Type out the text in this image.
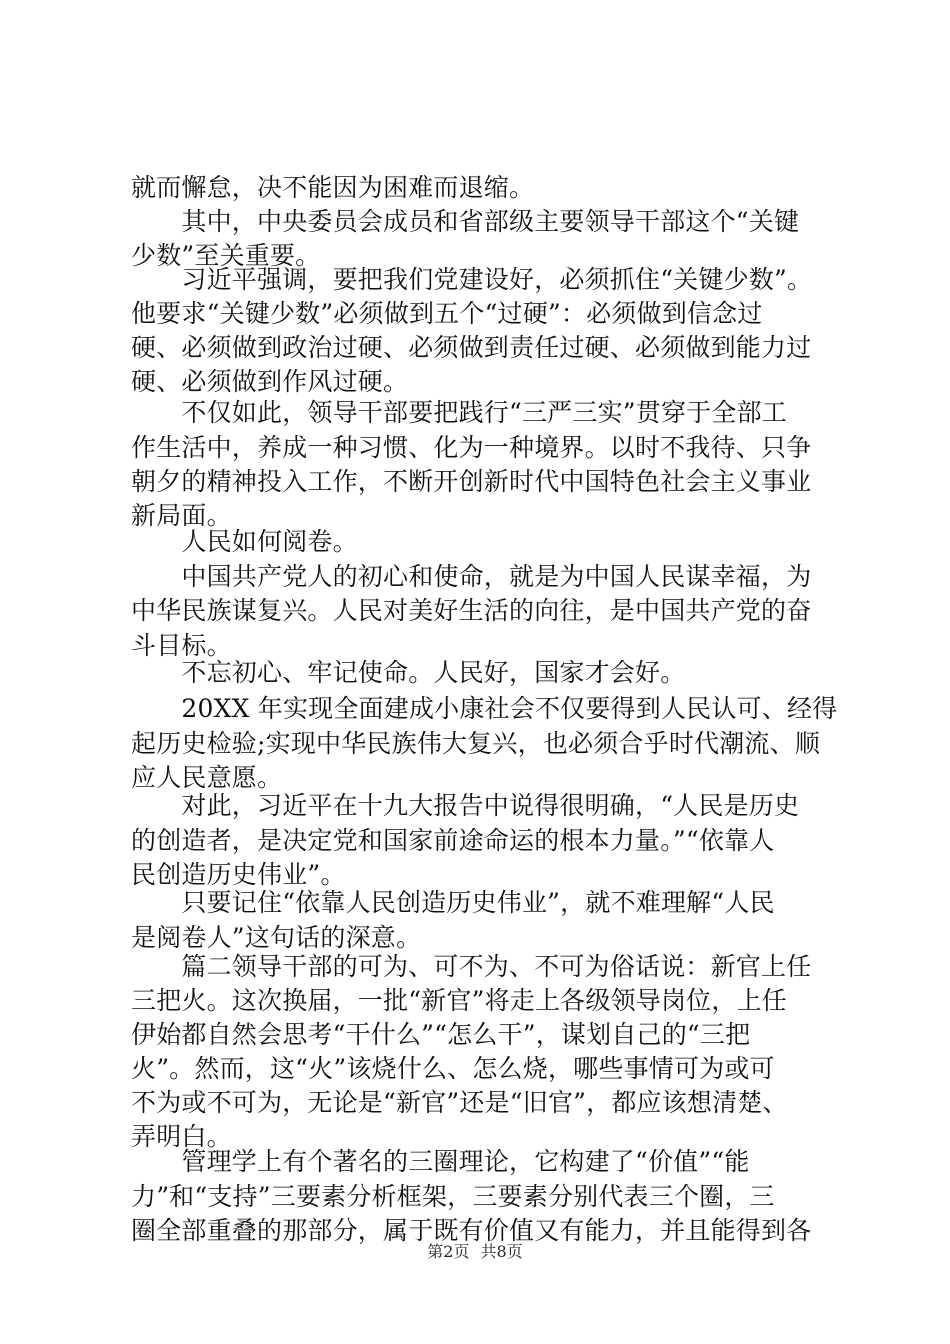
就而懈怠，决不能因为困难而退缩。
　　其中，中央委员会成员和省部级主要领导干部这个“关键
少数”至关重要。
　　习近平强调，要把我们党建设好，必须抓住“关键少数”。
他要求“关键少数”必须做到五个“过硬”：必须做到信念过
硬、必须做到政治过硬、必须做到责任过硬、必须做到能力过
硬、必须做到作风过硬。
　　不仅如此，领导干部要把践行“三严三实”贯穿于全部工
作生活中，养成一种习惯、化为一种境界。以时不我待、只争
朝夕的精神投入工作，不断开创新时代中国特色社会主义事业
新局面。
　　人民如何阅卷。
　　中国共产党人的初心和使命，就是为中国人民谋幸福，为
中华民族谋复兴。人民对美好生活的向往，是中国共产党的奋
斗目标。
　　不忘初心、牢记使命。人民好，国家才会好。
　　20XX 年实现全面建成小康社会不仅要得到人民认可、经得
起历史检验;实现中华民族伟大复兴，也必须合乎时代潮流、顺
应人民意愿。
　　对此，习近平在十九大报告中说得很明确，“人民是历史
的创造者，是决定党和国家前途命运的根本力量。”“依靠人
民创造历史伟业”。
　　只要记住“依靠人民创造历史伟业”，就不难理解“人民
是阅卷人”这句话的深意。
　　篇二领导干部的可为、可不为、不可为俗话说：新官上任
三把火。这次换届，一批“新官”将走上各级领导岗位，上任
伊始都自然会思考“干什么”“怎么干”，谋划自己的“三把
火”。然而，这“火”该烧什么、怎么烧，哪些事情可为或可
不为或不可为，无论是“新官”还是“旧官”，都应该想清楚、
弄明白。
　　管理学上有个著名的三圈理论，它构建了“价值”“能
力”和“支持”三要素分析框架，三要素分别代表三个圈，三
圈全部重叠的那部分，属于既有价值又有能力，并且能得到各
第2页 共8页
